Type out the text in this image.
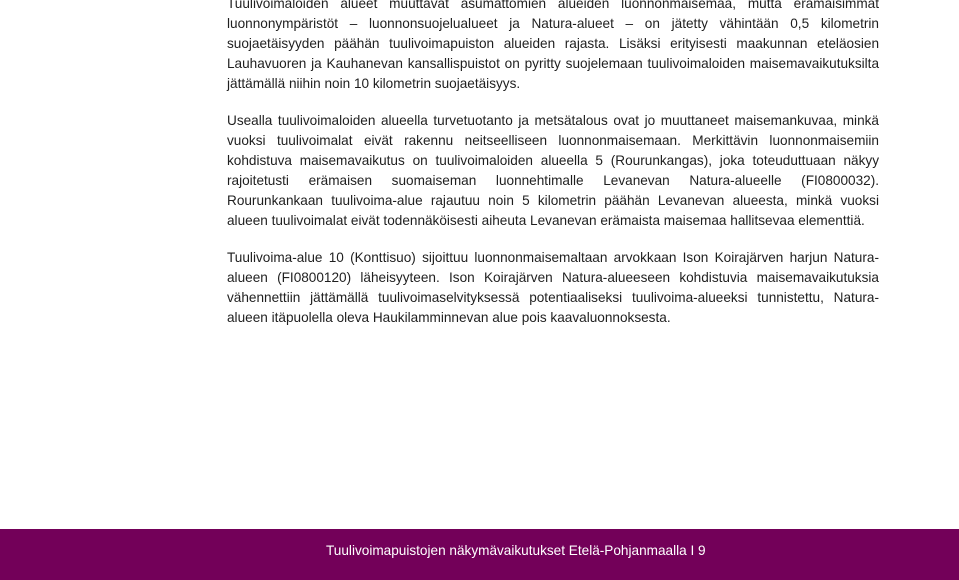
Tuulivoimaloiden alueet muuttavat asumattomien alueiden luonnonmaisemaa, mutta erämaisimmat luonnonympäristöt – luonnonsuojelualueet ja Natura-alueet – on jätetty vähintään 0,5 kilometrin suojaetäisyyden päähän tuulivoimapuiston alueiden rajasta. Lisäksi erityisesti maakunnan eteläosien Lauhavuoren ja Kauhanevan kansallispuistot on pyritty suojelemaan tuulivoimaloiden maisemavaikutuksilta jättämällä niihin noin 10 kilometrin suojaetäisyys.

Usealla tuulivoimaloiden alueella turvetuotanto ja metsätalous ovat jo muuttaneet maisemankuvaa, minkä vuoksi tuulivoimalat eivät rakennu neitseelliseen luonnonmaisemaan. Merkittävin luonnonmaisemiin kohdistuva maisemavaikutus on tuulivoimaloiden alueella 5 (Rourunkangas), joka toteuduttuaan näkyy rajoitetusti erämaisen suomaiseman luonnehtimalle Levanevan Natura-alueelle (FI0800032). Rourunkankaan tuulivoima-alue rajautuu noin 5 kilometrin päähän Levanevan alueesta, minkä vuoksi alueen tuulivoimalat eivät todennäköisesti aiheuta Levanevan erämaista maisemaa hallitsevaa elementtiä.

Tuulivoima-alue 10 (Konttisuo) sijoittuu luonnonmaisemaltaan arvokkaan Ison Koirajärven harjun Natura-alueen (FI0800120) läheisyyteen. Ison Koirajärven Natura-alueeseen kohdistuvia maisemavaikutuksia vähennettiin jättämällä tuulivoimaselvityksessä potentiaaliseksi tuulivoima-alueeksi tunnistettu, Natura-alueen itäpuolella oleva Haukilamminnevan alue pois kaavaluonnoksesta.

Tuulivoimapuistojen näkymävaikutukset Etelä-Pohjanmaalla I 9
